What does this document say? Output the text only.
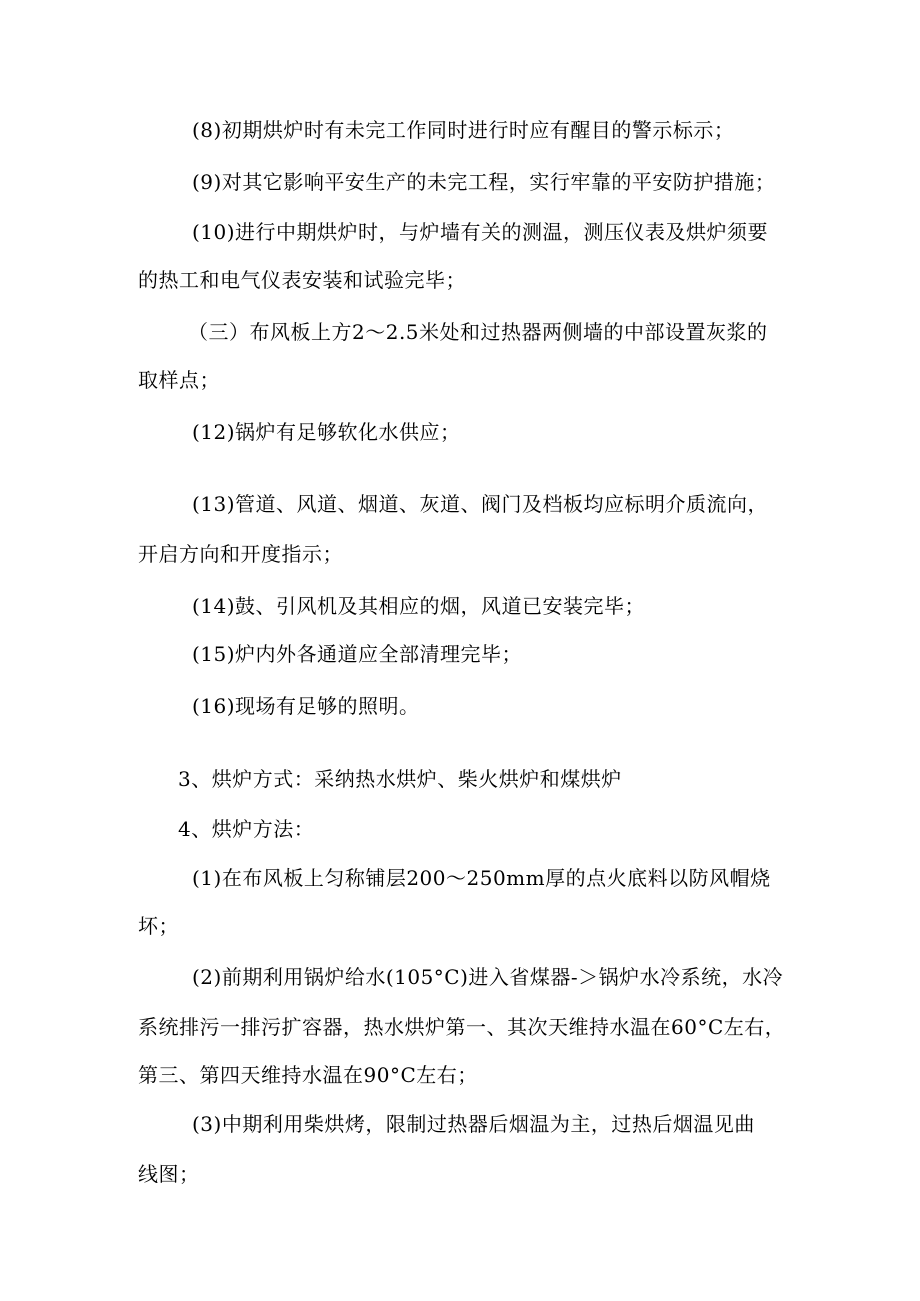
(8)初期烘炉时有未完工作同时进行时应有醒目的警示标示；
(9)对其它影响平安生产的未完工程，实行牢靠的平安防护措施；
(10)进行中期烘炉时，与炉墙有关的测温，测压仪表及烘炉须要
的热工和电气仪表安装和试验完毕；
（三）布风板上方2～2.5米处和过热器两侧墙的中部设置灰浆的
取样点；
(12)锅炉有足够软化水供应；
(13)管道、风道、烟道、灰道、阀门及档板均应标明介质流向，
开启方向和开度指示；
(14)鼓、引风机及其相应的烟，风道已安装完毕；
(15)炉内外各通道应全部清理完毕；
(16)现场有足够的照明。
3、烘炉方式：采纳热水烘炉、柴火烘炉和煤烘炉
4、烘炉方法：
(1)在布风板上匀称铺层200～250mm厚的点火底料以防风帽烧
坏；
(2)前期利用锅炉给水(105°C)进入省煤器-＞锅炉水冷系统，水冷
系统排污一排污扩容器，热水烘炉第一、其次天维持水温在60°C左右，
第三、第四天维持水温在90°C左右；
(3)中期利用柴烘烤，限制过热器后烟温为主，过热后烟温见曲
线图；
